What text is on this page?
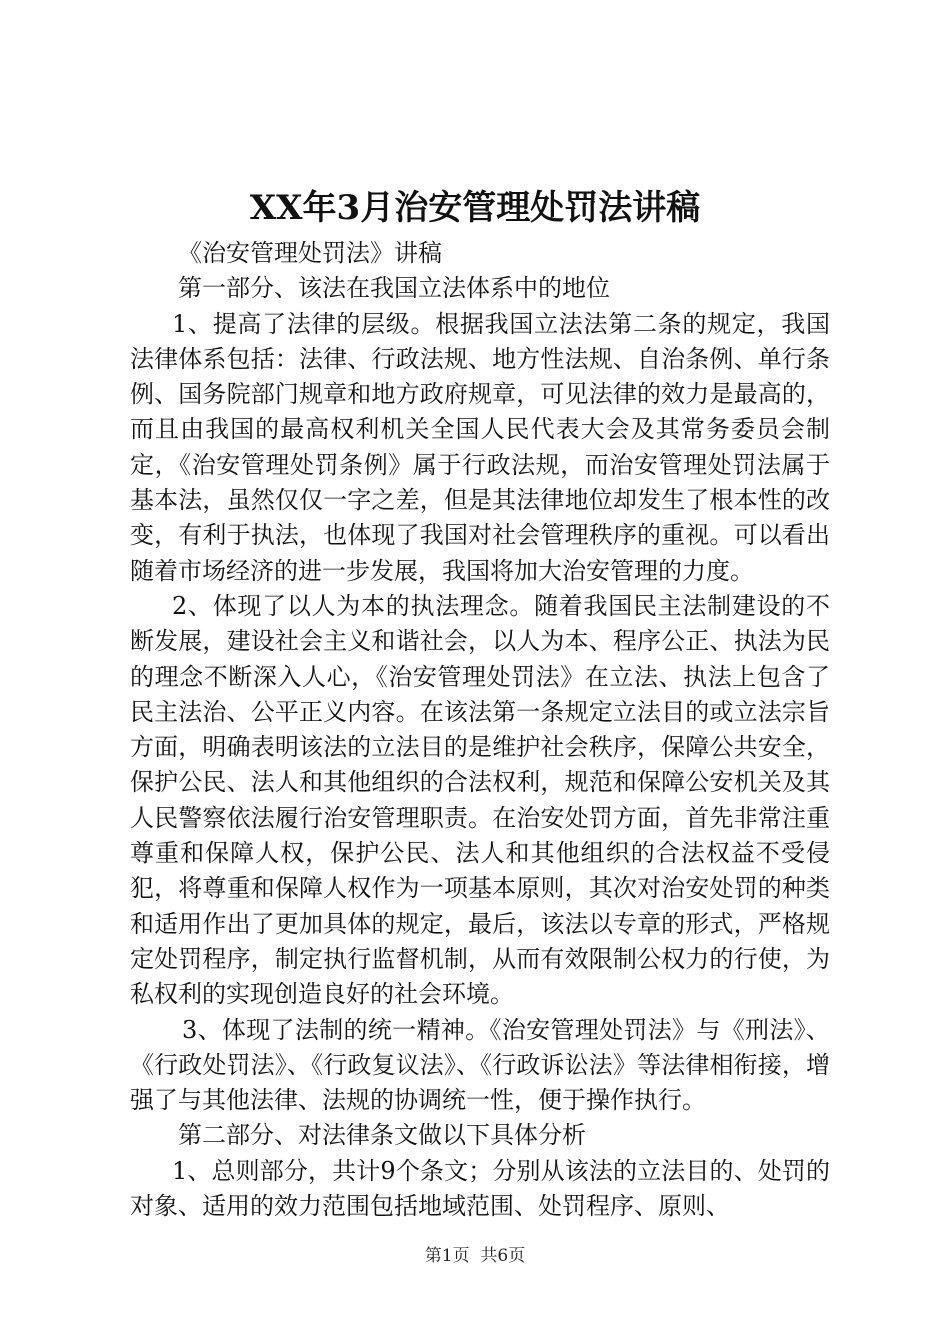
XX年3月治安管理处罚法讲稿

《治安管理处罚法》讲稿

第一部分、该法在我国立法体系中的地位

1、提高了法律的层级。根据我国立法法第二条的规定，我国法律体系包括：法律、行政法规、地方性法规、自治条例、单行条例、国务院部门规章和地方政府规章，可见法律的效力是最高的，而且由我国的最高权利机关全国人民代表大会及其常务委员会制定，《治安管理处罚条例》属于行政法规，而治安管理处罚法属于基本法，虽然仅仅一字之差，但是其法律地位却发生了根本性的改变，有利于执法，也体现了我国对社会管理秩序的重视。可以看出随着市场经济的进一步发展，我国将加大治安管理的力度。

2、体现了以人为本的执法理念。随着我国民主法制建设的不断发展，建设社会主义和谐社会，以人为本、程序公正、执法为民的理念不断深入人心，《治安管理处罚法》在立法、执法上包含了民主法治、公平正义内容。在该法第一条规定立法目的或立法宗旨方面，明确表明该法的立法目的是维护社会秩序，保障公共安全，保护公民、法人和其他组织的合法权利，规范和保障公安机关及其人民警察依法履行治安管理职责。在治安处罚方面，首先非常注重尊重和保障人权，保护公民、法人和其他组织的合法权益不受侵犯，将尊重和保障人权作为一项基本原则，其次对治安处罚的种类和适用作出了更加具体的规定，最后，该法以专章的形式，严格规定处罚程序，制定执行监督机制，从而有效限制公权力的行使，为私权利的实现创造良好的社会环境。

3、体现了法制的统一精神。《治安管理处罚法》与《刑法》、《行政处罚法》、《行政复议法》、《行政诉讼法》等法律相衔接，增强了与其他法律、法规的协调统一性，便于操作执行。

第二部分、对法律条文做以下具体分析

1、总则部分，共计9个条文；分别从该法的立法目的、处罚的对象、适用的效力范围包括地域范围、处罚程序、原则、

第1页 共6页
